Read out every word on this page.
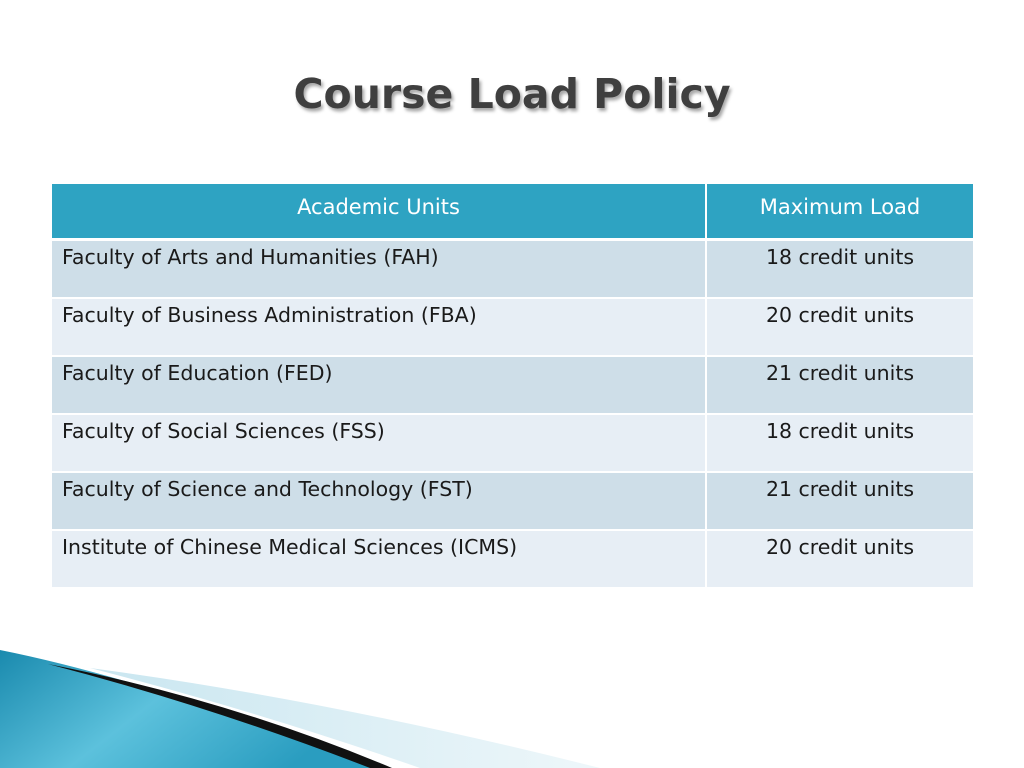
Course Load Policy
Academic Units	Maximum Load
Faculty of Arts and Humanities (FAH)	18 credit units
Faculty of Business Administration (FBA)	20 credit units
Faculty of Education (FED)	21 credit units
Faculty of Social Sciences (FSS)	18 credit units
Faculty of Science and Technology (FST)	21 credit units
Institute of Chinese Medical Sciences (ICMS)	20 credit units
